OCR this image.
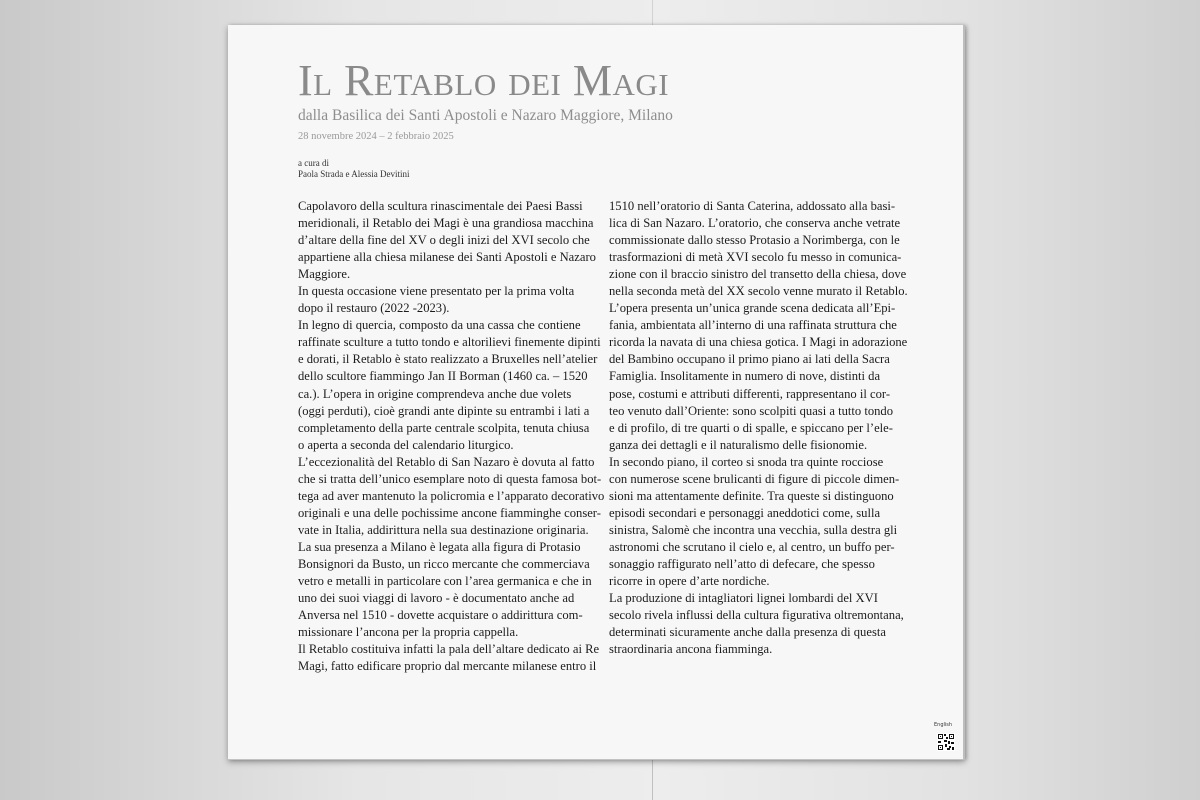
Il Retablo dei Magi
dalla Basilica dei Santi Apostoli e Nazaro Maggiore, Milano
28 novembre 2024 – 2 febbraio 2025
a cura di
Paola Strada e Alessia Devitini
Capolavoro della scultura rinascimentale dei Paesi Bassi
meridionali, il Retablo dei Magi è una grandiosa macchina
d’altare della fine del XV o degli inizi del XVI secolo che
appartiene alla chiesa milanese dei Santi Apostoli e Nazaro
Maggiore.
In questa occasione viene presentato per la prima volta
dopo il restauro (2022 -2023).
In legno di quercia, composto da una cassa che contiene
raffinate sculture a tutto tondo e altorilievi finemente dipinti
e dorati, il Retablo è stato realizzato a Bruxelles nell’atelier
dello scultore fiammingo Jan II Borman (1460 ca. – 1520
ca.). L’opera in origine comprendeva anche due volets
(oggi perduti), cioè grandi ante dipinte su entrambi i lati a
completamento della parte centrale scolpita, tenuta chiusa
o aperta a seconda del calendario liturgico.
L’eccezionalità del Retablo di San Nazaro è dovuta al fatto
che si tratta dell’unico esemplare noto di questa famosa bot-
tega ad aver mantenuto la policromia e l’apparato decorativo
originali e una delle pochissime ancone fiamminghe conser-
vate in Italia, addirittura nella sua destinazione originaria.
La sua presenza a Milano è legata alla figura di Protasio
Bonsignori da Busto, un ricco mercante che commerciava
vetro e metalli in particolare con l’area germanica e che in
uno dei suoi viaggi di lavoro - è documentato anche ad
Anversa nel 1510 - dovette acquistare o addirittura com-
missionare l’ancona per la propria cappella.
Il Retablo costituiva infatti la pala dell’altare dedicato ai Re
Magi, fatto edificare proprio dal mercante milanese entro il
1510 nell’oratorio di Santa Caterina, addossato alla basi-
lica di San Nazaro. L’oratorio, che conserva anche vetrate
commissionate dallo stesso Protasio a Norimberga, con le
trasformazioni di metà XVI secolo fu messo in comunica-
zione con il braccio sinistro del transetto della chiesa, dove
nella seconda metà del XX secolo venne murato il Retablo.
L’opera presenta un’unica grande scena dedicata all’Epi-
fania, ambientata all’interno di una raffinata struttura che
ricorda la navata di una chiesa gotica. I Magi in adorazione
del Bambino occupano il primo piano ai lati della Sacra
Famiglia. Insolitamente in numero di nove, distinti da
pose, costumi e attributi differenti, rappresentano il cor-
teo venuto dall’Oriente: sono scolpiti quasi a tutto tondo
e di profilo, di tre quarti o di spalle, e spiccano per l’ele-
ganza dei dettagli e il naturalismo delle fisionomie.
In secondo piano, il corteo si snoda tra quinte rocciose
con numerose scene brulicanti di figure di piccole dimen-
sioni ma attentamente definite. Tra queste si distinguono
episodi secondari e personaggi aneddotici come, sulla
sinistra, Salomè che incontra una vecchia, sulla destra gli
astronomi che scrutano il cielo e, al centro, un buffo per-
sonaggio raffigurato nell’atto di defecare, che spesso
ricorre in opere d’arte nordiche.
La produzione di intagliatori lignei lombardi del XVI
secolo rivela influssi della cultura figurativa oltremontana,
determinati sicuramente anche dalla presenza di questa
straordinaria ancona fiamminga.
English
